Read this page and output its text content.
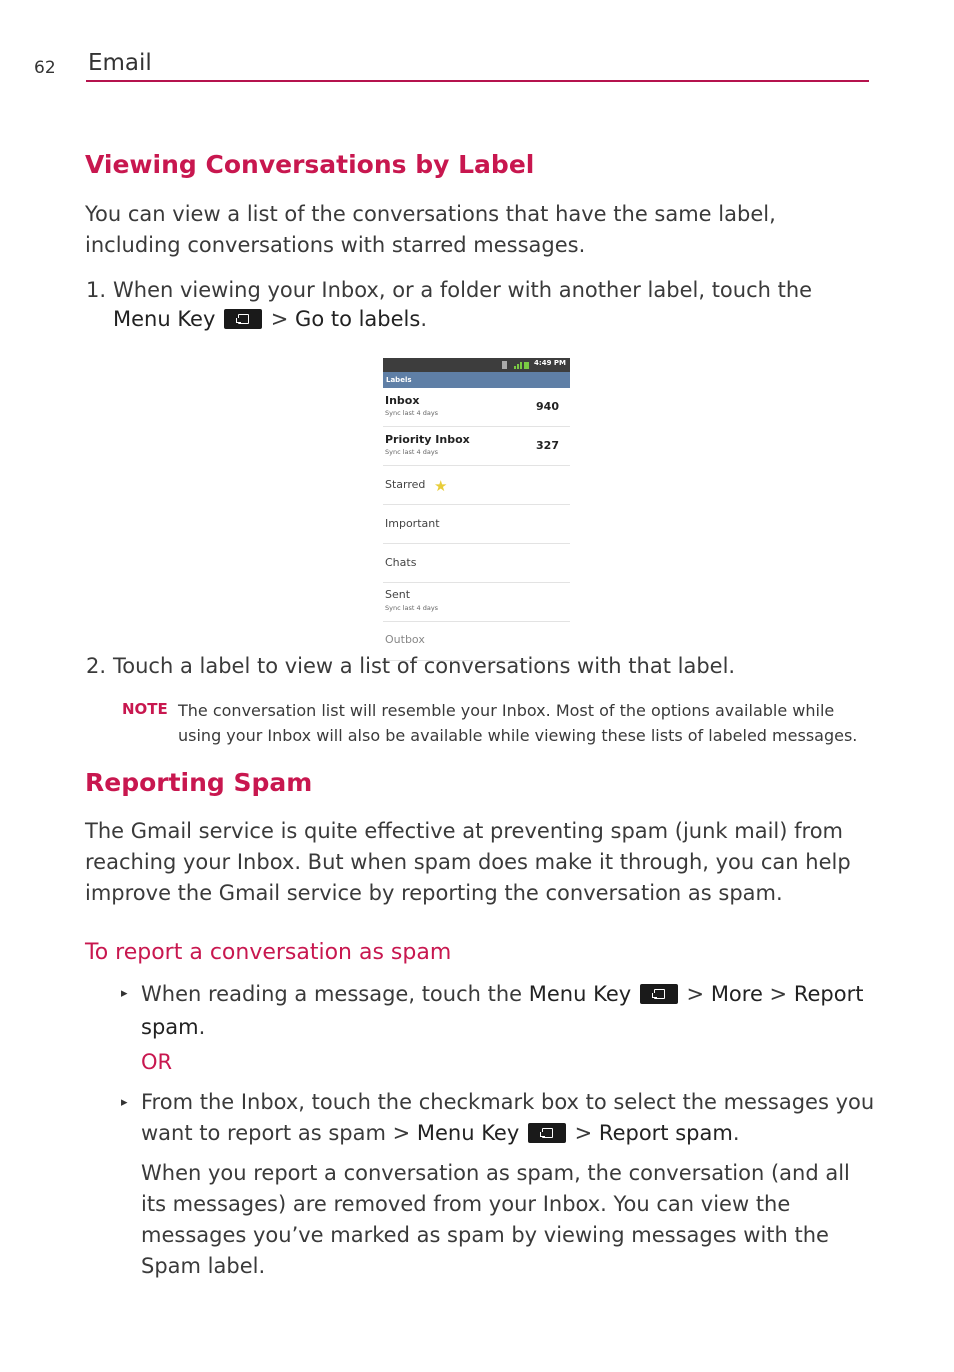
62 Email
Viewing Conversations by Label

You can view a list of the conversations that have the same label, including conversations with starred messages.

1. When viewing your Inbox, or a folder with another label, touch the Menu Key  > Go to labels.
4:49 PM
Labels
Inbox
Sync last 4 days	940
Priority Inbox
Sync last 4 days	327
Starred ★
Important
Chats
Sent
Sync last 4 days
Outbox
2. Touch a label to view a list of conversations with that label.
NOTE The conversation list will resemble your Inbox. Most of the options available while using your Inbox will also be available while viewing these lists of labeled messages.
Reporting Spam

The Gmail service is quite effective at preventing spam (junk mail) from reaching your Inbox. But when spam does make it through, you can help improve the Gmail service by reporting the conversation as spam.

To report a conversation as spam
▸ When reading a message, touch the Menu Key  > More > Report spam.

OR
▸ From the Inbox, touch the checkmark box to select the messages you want to report as spam > Menu Key  > Report spam.

When you report a conversation as spam, the conversation (and all its messages) are removed from your Inbox. You can view the messages you’ve marked as spam by viewing messages with the Spam label.
